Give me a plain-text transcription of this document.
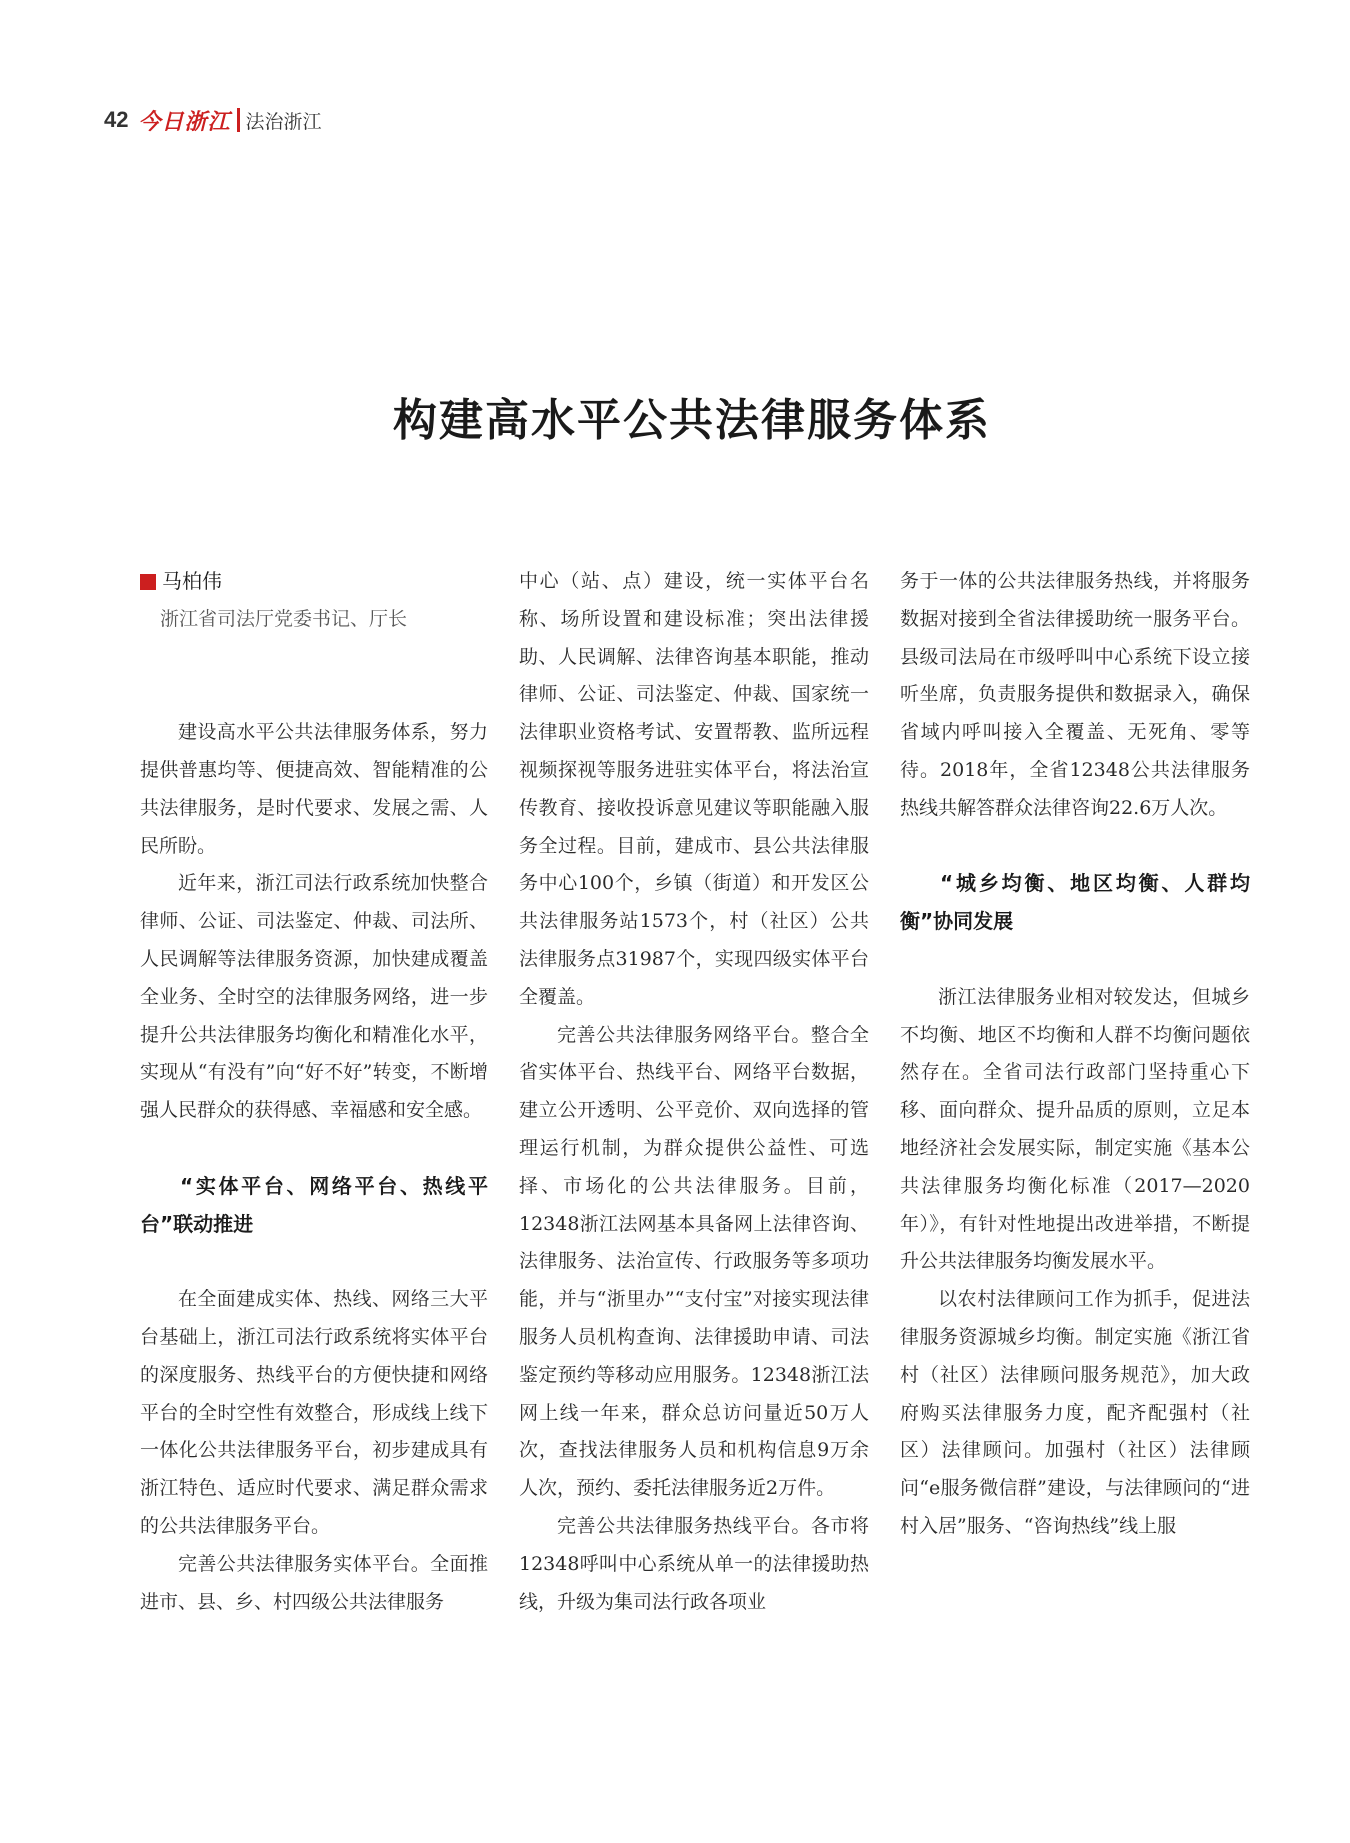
42 今日浙江 法治浙江
构建高水平公共法律服务体系
马柏伟
浙江省司法厅党委书记、厅长

建设高水平公共法律服务体系，努力提供普惠均等、便捷高效、智能精准的公共法律服务，是时代要求、发展之需、人民所盼。

近年来，浙江司法行政系统加快整合律师、公证、司法鉴定、仲裁、司法所、人民调解等法律服务资源，加快建成覆盖全业务、全时空的法律服务网络，进一步提升公共法律服务均衡化和精准化水平，实现从“有没有”向“好不好”转变，不断增强人民群众的获得感、幸福感和安全感。

“实体平台、网络平台、热线平台”联动推进

在全面建成实体、热线、网络三大平台基础上，浙江司法行政系统将实体平台的深度服务、热线平台的方便快捷和网络平台的全时空性有效整合，形成线上线下一体化公共法律服务平台，初步建成具有浙江特色、适应时代要求、满足群众需求的公共法律服务平台。

完善公共法律服务实体平台。全面推进市、县、乡、村四级公共法律服务

中心（站、点）建设，统一实体平台名称、场所设置和建设标准；突出法律援助、人民调解、法律咨询基本职能，推动律师、公证、司法鉴定、仲裁、国家统一法律职业资格考试、安置帮教、监所远程视频探视等服务进驻实体平台，将法治宣传教育、接收投诉意见建议等职能融入服务全过程。目前，建成市、县公共法律服务中心100个，乡镇（街道）和开发区公共法律服务站1573个，村（社区）公共法律服务点31987个，实现四级实体平台全覆盖。

完善公共法律服务网络平台。整合全省实体平台、热线平台、网络平台数据，建立公开透明、公平竞价、双向选择的管理运行机制，为群众提供公益性、可选择、市场化的公共法律服务。目前，12348浙江法网基本具备网上法律咨询、法律服务、法治宣传、行政服务等多项功能，并与“浙里办”“支付宝”对接实现法律服务人员机构查询、法律援助申请、司法鉴定预约等移动应用服务。12348浙江法网上线一年来，群众总访问量近50万人次，查找法律服务人员和机构信息9万余人次，预约、委托法律服务近2万件。

完善公共法律服务热线平台。各市将12348呼叫中心系统从单一的法律援助热线，升级为集司法行政各项业

务于一体的公共法律服务热线，并将服务数据对接到全省法律援助统一服务平台。县级司法局在市级呼叫中心系统下设立接听坐席，负责服务提供和数据录入，确保省域内呼叫接入全覆盖、无死角、零等待。2018年，全省12348公共法律服务热线共解答群众法律咨询22.6万人次。

“城乡均衡、地区均衡、人群均衡”协同发展

浙江法律服务业相对较发达，但城乡不均衡、地区不均衡和人群不均衡问题依然存在。全省司法行政部门坚持重心下移、面向群众、提升品质的原则，立足本地经济社会发展实际，制定实施《基本公共法律服务均衡化标准（2017—2020年）》，有针对性地提出改进举措，不断提升公共法律服务均衡发展水平。

以农村法律顾问工作为抓手，促进法律服务资源城乡均衡。制定实施《浙江省村（社区）法律顾问服务规范》，加大政府购买法律服务力度，配齐配强村（社区）法律顾问。加强村（社区）法律顾问“e服务微信群”建设，与法律顾问的“进村入居”服务、“咨询热线”线上服
